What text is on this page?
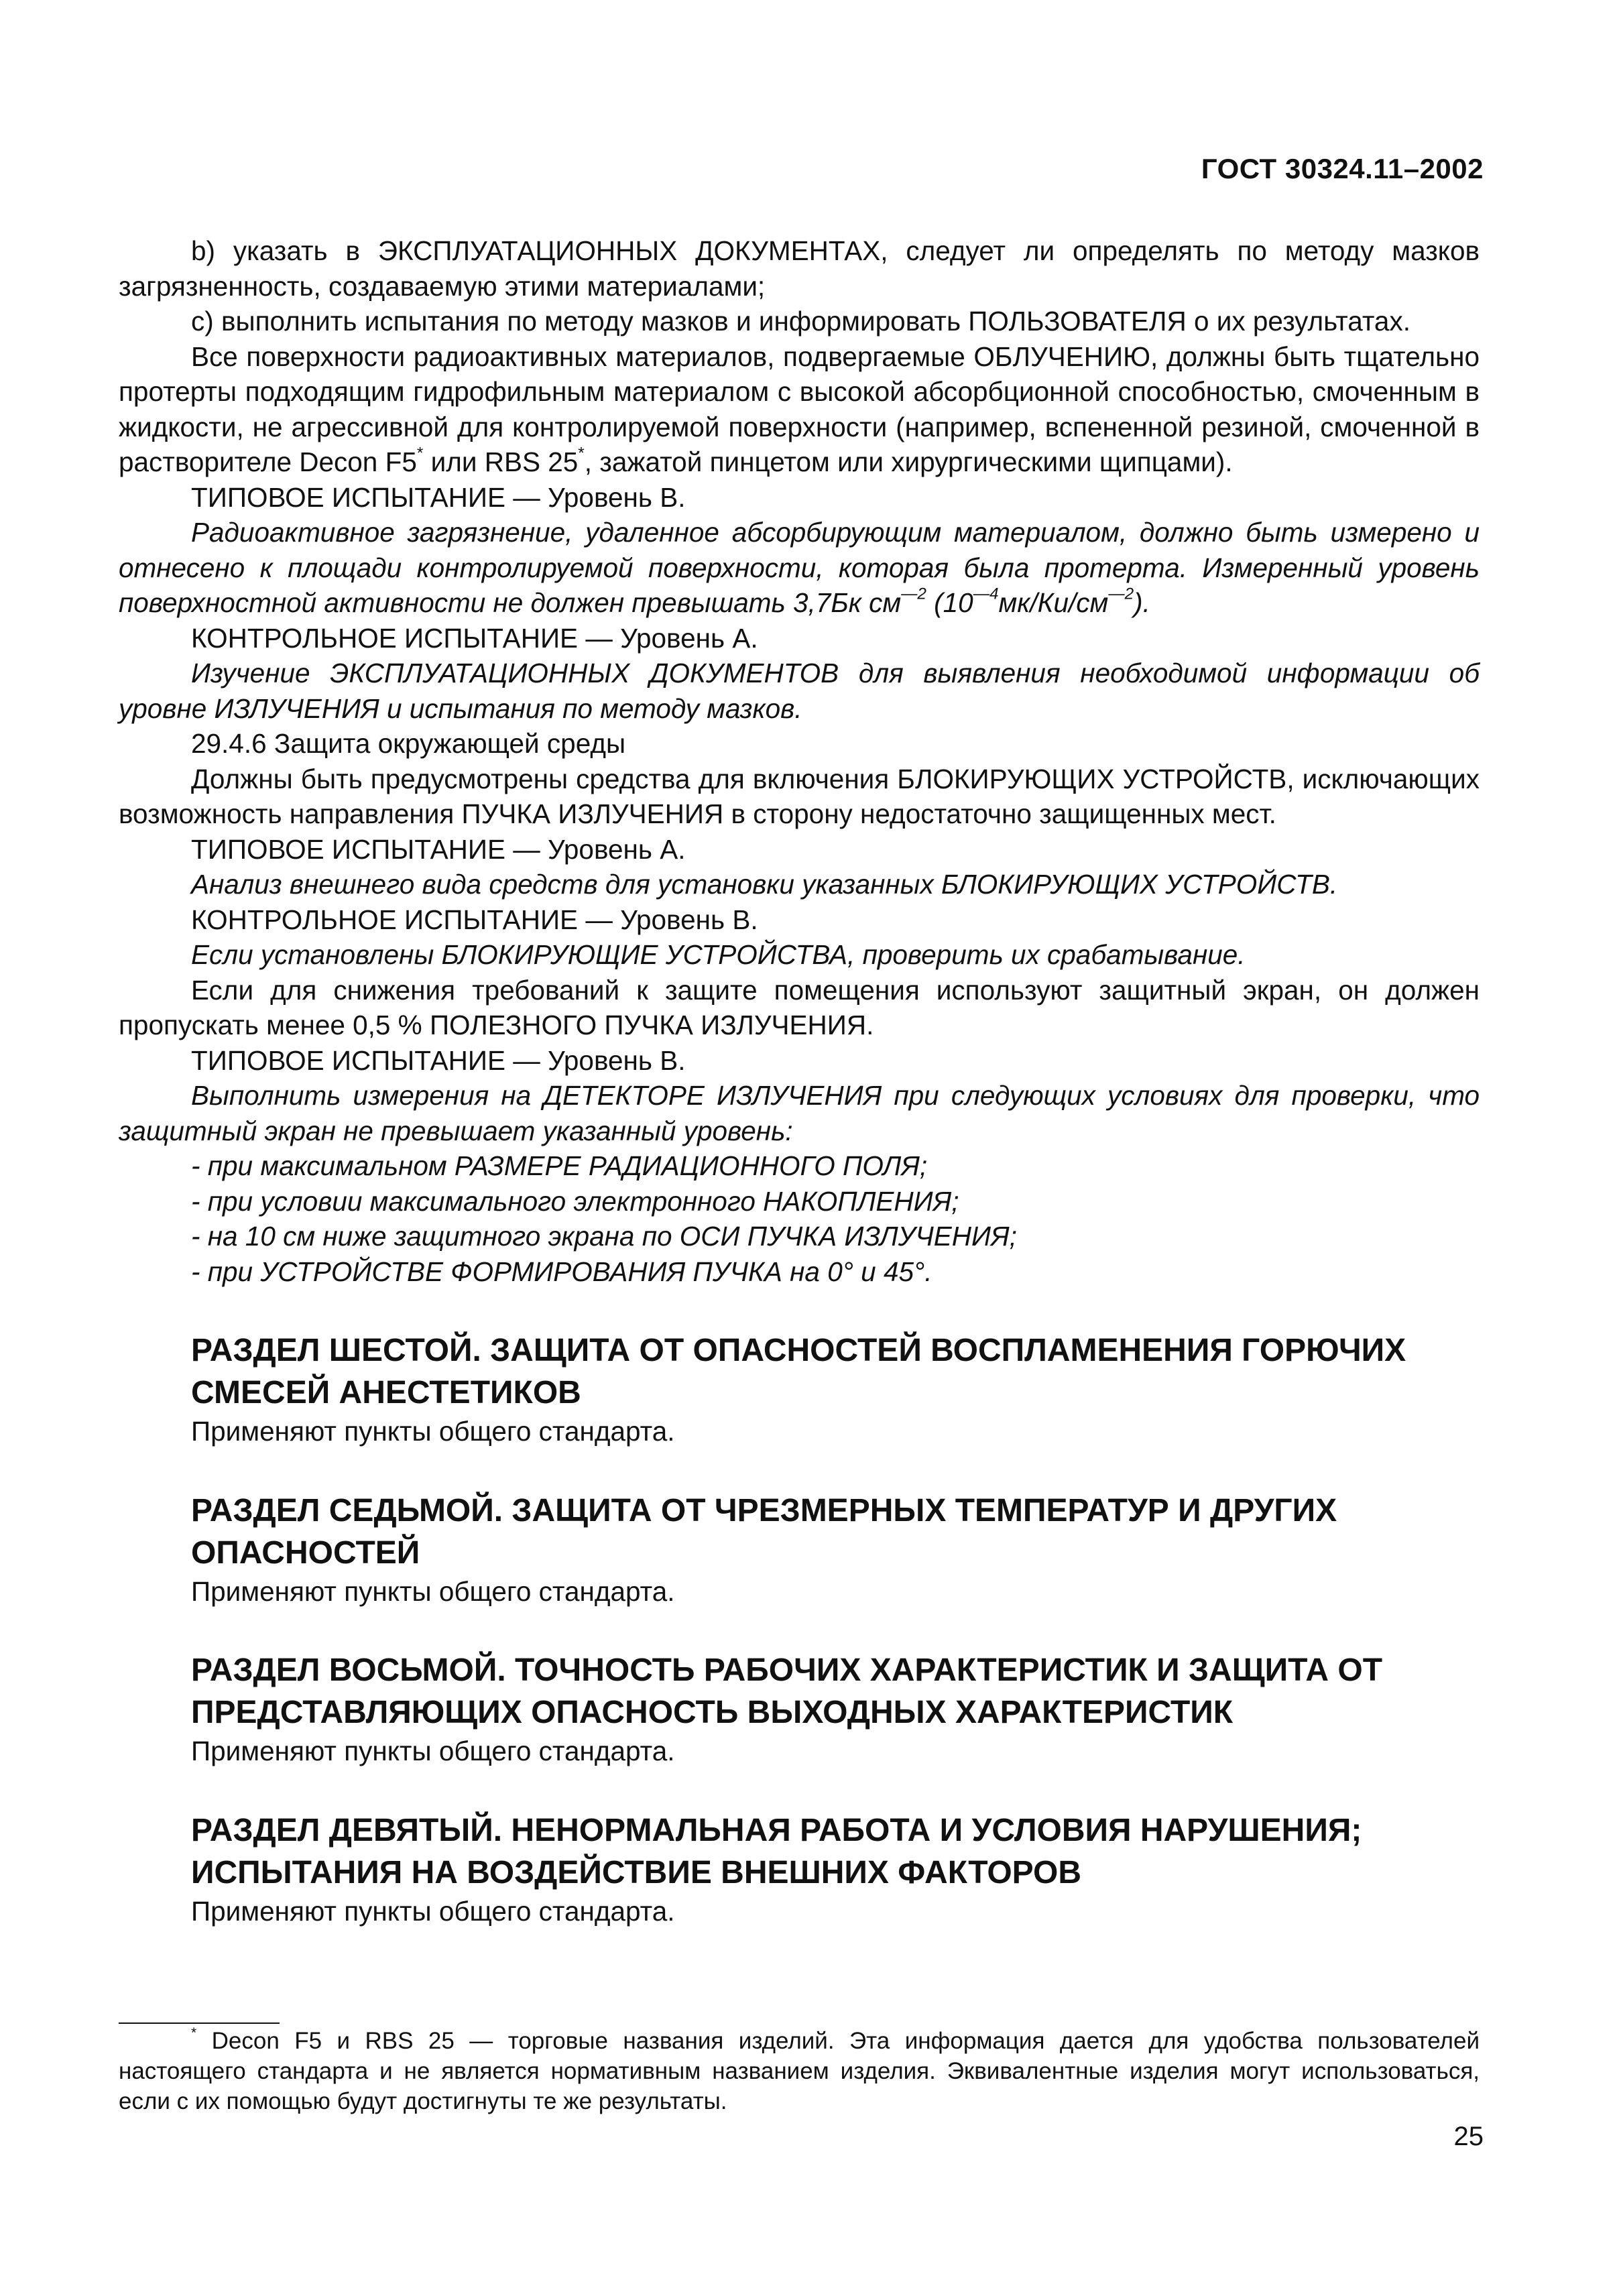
ГОСТ 30324.11–2002

b) указать в ЭКСПЛУАТАЦИОННЫХ ДОКУМЕНТАХ, следует ли определять по методу мазков загрязненность, создаваемую этими материалами;

с) выполнить испытания по методу мазков и информировать ПОЛЬЗОВАТЕЛЯ о их результатах.

Все поверхности радиоактивных материалов, подвергаемые ОБЛУЧЕНИЮ, должны быть тщательно протерты подходящим гидрофильным материалом с высокой абсорбционной способностью, смоченным в жидкости, не агрессивной для контролируемой поверхности (например, вспененной резиной, смоченной в растворителе Decon F5* или RBS 25*, зажатой пинцетом или хирургическими щипцами).

ТИПОВОЕ ИСПЫТАНИЕ — Уровень В.

Радиоактивное загрязнение, удаленное абсорбирующим материалом, должно быть измерено и отнесено к площади контролируемой поверхности, которая была протерта. Измеренный уровень поверхностной активности не должен превышать 3,7Бк $см^{—2}$ $(10^{—4}мк/Ки/см^{—2})$.

КОНТРОЛЬНОЕ ИСПЫТАНИЕ — Уровень А.

Изучение ЭКСПЛУАТАЦИОННЫХ ДОКУМЕНТОВ для выявления необходимой информации об уровне ИЗЛУЧЕНИЯ и испытания по методу мазков.

29.4.6 Защита окружающей среды

Должны быть предусмотрены средства для включения БЛОКИРУЮЩИХ УСТРОЙСТВ, исключающих возможность направления ПУЧКА ИЗЛУЧЕНИЯ в сторону недостаточно защищенных мест.

ТИПОВОЕ ИСПЫТАНИЕ — Уровень А.

Анализ внешнего вида средств для установки указанных БЛОКИРУЮЩИХ УСТРОЙСТВ.

КОНТРОЛЬНОЕ ИСПЫТАНИЕ — Уровень В.

Если установлены БЛОКИРУЮЩИЕ УСТРОЙСТВА, проверить их срабатывание.

Если для снижения требований к защите помещения используют защитный экран, он должен пропускать менее 0,5 % ПОЛЕЗНОГО ПУЧКА ИЗЛУЧЕНИЯ.

ТИПОВОЕ ИСПЫТАНИЕ — Уровень В.

Выполнить измерения на ДЕТЕКТОРЕ ИЗЛУЧЕНИЯ при следующих условиях для проверки, что защитный экран не превышает указанный уровень:

- при максимальном РАЗМЕРЕ РАДИАЦИОННОГО ПОЛЯ;

- при условии максимального электронного НАКОПЛЕНИЯ;

- на 10 см ниже защитного экрана по ОСИ ПУЧКА ИЗЛУЧЕНИЯ;

- при УСТРОЙСТВЕ ФОРМИРОВАНИЯ ПУЧКА на 0° и 45°.

РАЗДЕЛ ШЕСТОЙ. ЗАЩИТА ОТ ОПАСНОСТЕЙ ВОСПЛАМЕНЕНИЯ ГОРЮЧИХ СМЕСЕЙ АНЕСТЕТИКОВ

Применяют пункты общего стандарта.

РАЗДЕЛ СЕДЬМОЙ. ЗАЩИТА ОТ ЧРЕЗМЕРНЫХ ТЕМПЕРАТУР И ДРУГИХ ОПАСНОСТЕЙ

Применяют пункты общего стандарта.

РАЗДЕЛ ВОСЬМОЙ. ТОЧНОСТЬ РАБОЧИХ ХАРАКТЕРИСТИК И ЗАЩИТА ОТ ПРЕДСТАВЛЯЮЩИХ ОПАСНОСТЬ ВЫХОДНЫХ ХАРАКТЕРИСТИК

Применяют пункты общего стандарта.

РАЗДЕЛ ДЕВЯТЫЙ. НЕНОРМАЛЬНАЯ РАБОТА И УСЛОВИЯ НАРУШЕНИЯ; ИСПЫТАНИЯ НА ВОЗДЕЙСТВИЕ ВНЕШНИХ ФАКТОРОВ

Применяют пункты общего стандарта.

* Decon F5 и RBS 25 — торговые названия изделий. Эта информация дается для удобства пользователей настоящего стандарта и не является нормативным названием изделия. Эквивалентные изделия могут использоваться, если с их помощью будут достигнуты те же результаты.
25
